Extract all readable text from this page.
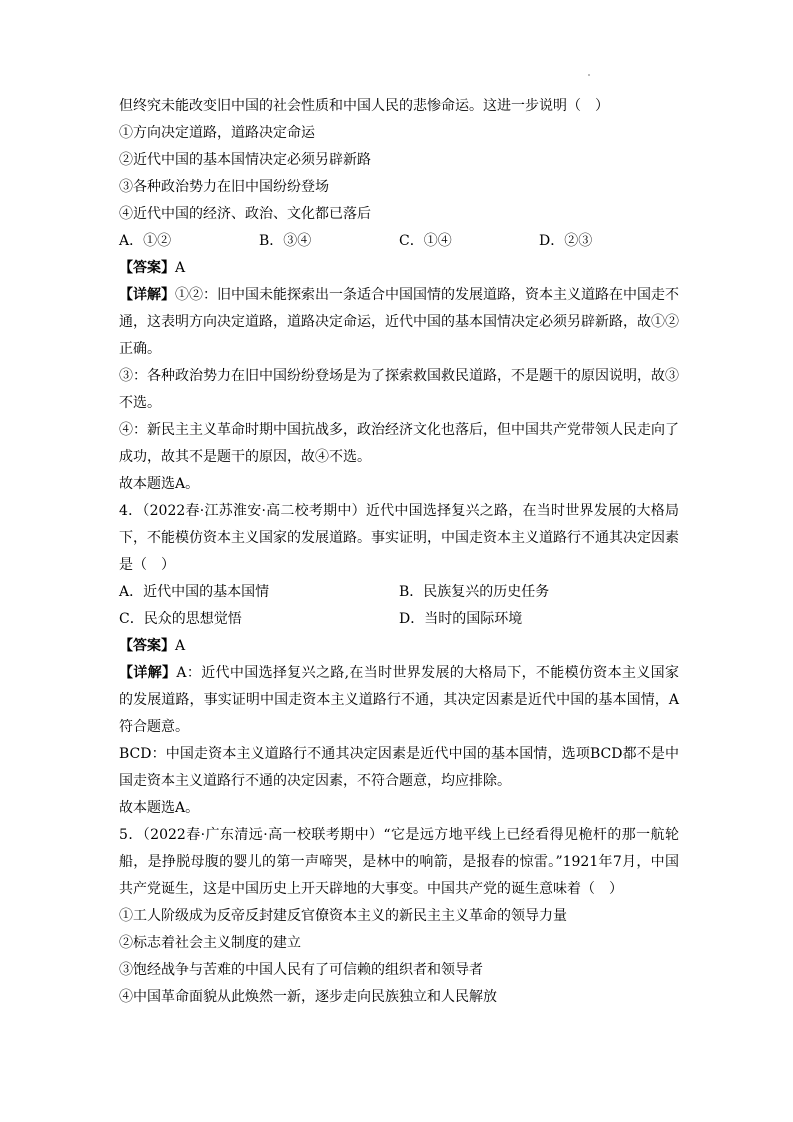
但终究未能改变旧中国的社会性质和中国人民的悲惨命运。这进一步说明（　）
①方向决定道路，道路决定命运
②近代中国的基本国情决定必须另辟新路
③各种政治势力在旧中国纷纷登场
④近代中国的经济、政治、文化都已落后
A．①②	B．③④	C．①④	D．②③
【答案】A
【详解】①②：旧中国未能探索出一条适合中国国情的发展道路，资本主义道路在中国走不通，这表明方向决定道路，道路决定命运，近代中国的基本国情决定必须另辟新路，故①②正确。
③：各种政治势力在旧中国纷纷登场是为了探索救国救民道路，不是题干的原因说明，故③不选。
④：新民主主义革命时期中国抗战多，政治经济文化也落后，但中国共产党带领人民走向了成功，故其不是题干的原因，故④不选。
故本题选A。
4．（2022春·江苏淮安·高二校考期中）近代中国选择复兴之路，在当时世界发展的大格局下，不能模仿资本主义国家的发展道路。事实证明，中国走资本主义道路行不通其决定因素是（　）
A．近代中国的基本国情	B．民族复兴的历史任务
C．民众的思想觉悟	D．当时的国际环境
【答案】A
【详解】A：近代中国选择复兴之路,在当时世界发展的大格局下，不能模仿资本主义国家的发展道路，事实证明中国走资本主义道路行不通，其决定因素是近代中国的基本国情，A符合题意。
BCD：中国走资本主义道路行不通其决定因素是近代中国的基本国情，选项BCD都不是中国走资本主义道路行不通的决定因素，不符合题意，均应排除。
故本题选A。
5．（2022春·广东清远·高一校联考期中）“它是远方地平线上已经看得见桅杆的那一航轮船，是挣脱母腹的婴儿的第一声啼哭，是林中的响箭，是报春的惊雷。”1921年7月，中国共产党诞生，这是中国历史上开天辟地的大事变。中国共产党的诞生意味着（　）
①工人阶级成为反帝反封建反官僚资本主义的新民主主义革命的领导力量
②标志着社会主义制度的建立
③饱经战争与苦难的中国人民有了可信赖的组织者和领导者
④中国革命面貌从此焕然一新，逐步走向民族独立和人民解放
